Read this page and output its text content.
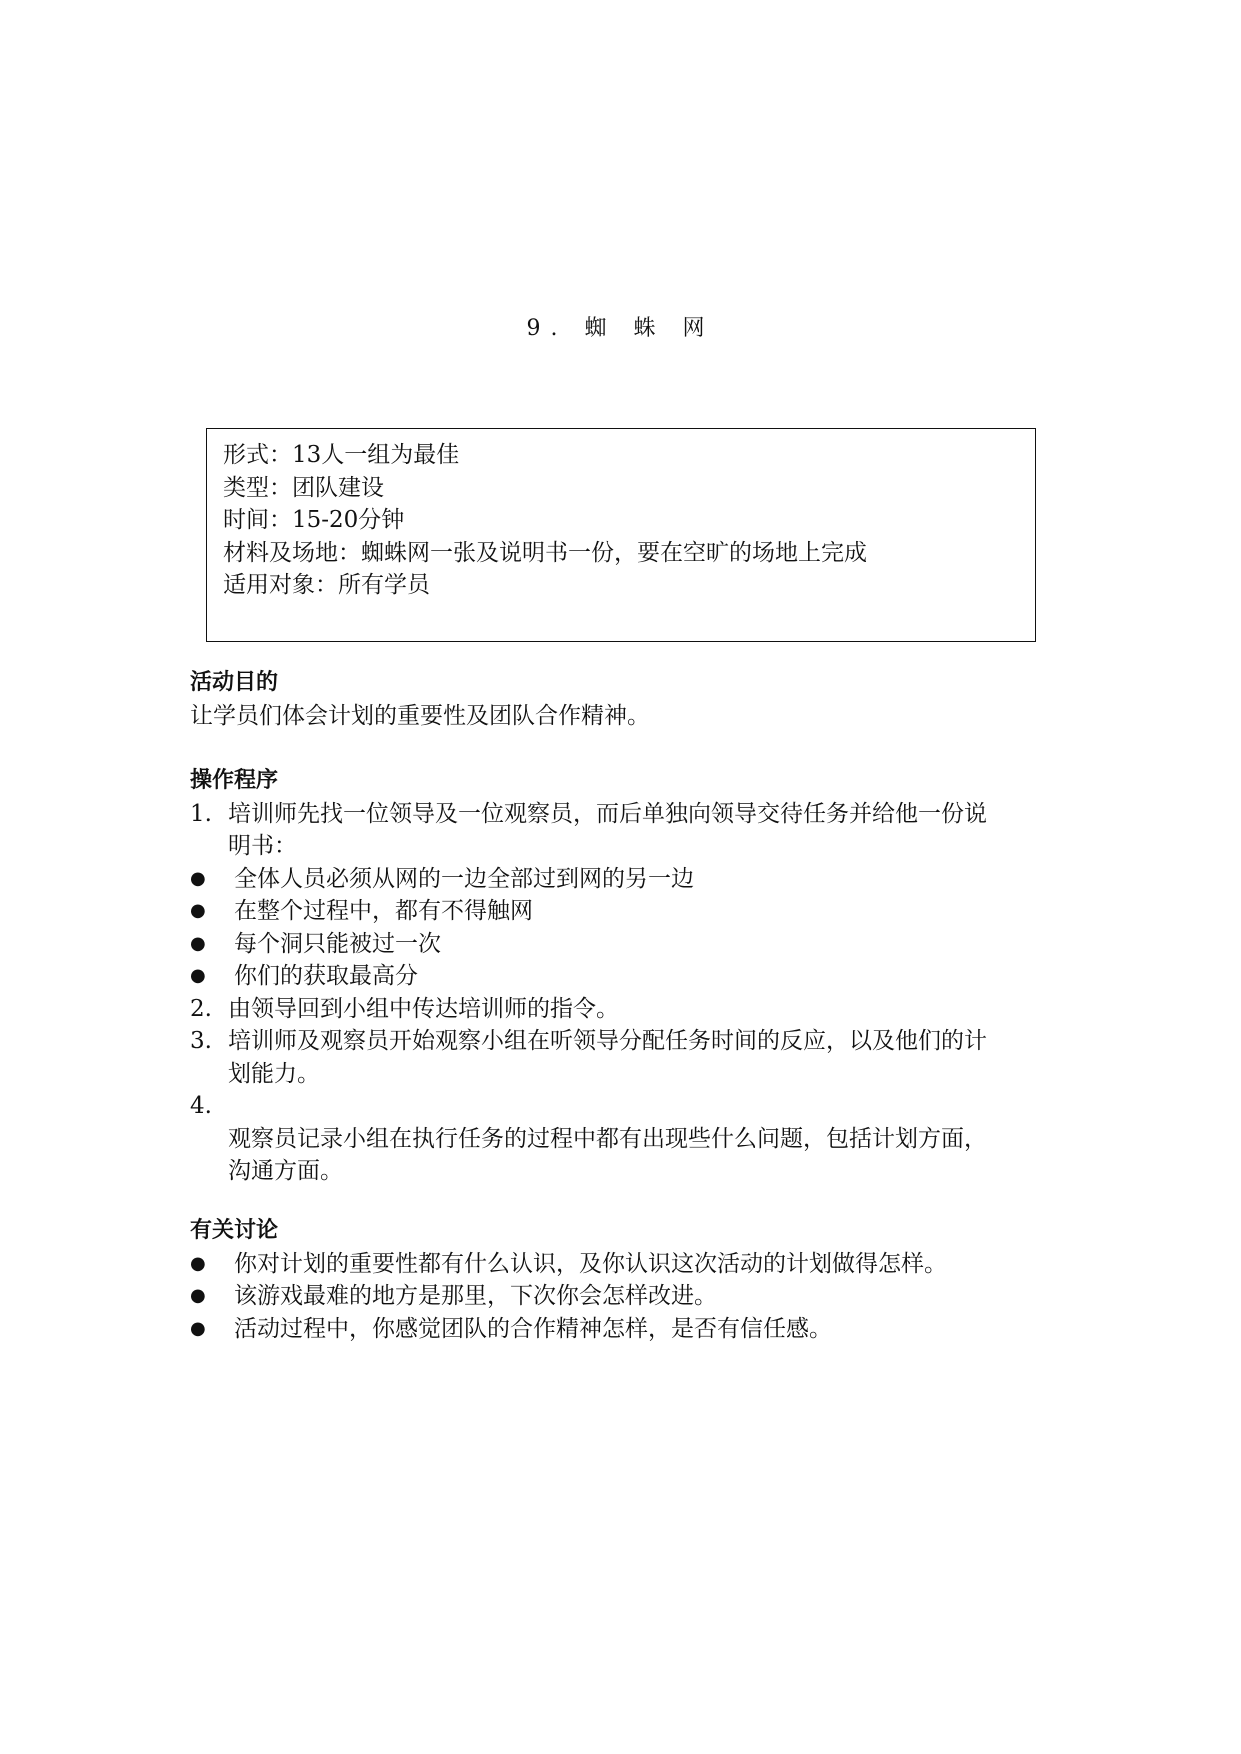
9. 蜘 蛛 网
形式：13人一组为最佳
类型：团队建设
时间：15-20分钟
材料及场地：蜘蛛网一张及说明书一份，要在空旷的场地上完成
适用对象：所有学员
活动目的
让学员们体会计划的重要性及团队合作精神。
操作程序
1. 培训师先找一位领导及一位观察员，而后单独向领导交待任务并给他一份说
明书：
●	全体人员必须从网的一边全部过到网的另一边
●	在整个过程中，都有不得触网
●	每个洞只能被过一次
●	你们的获取最高分
2. 由领导回到小组中传达培训师的指令。
3. 培训师及观察员开始观察小组在听领导分配任务时间的反应，以及他们的计
划能力。
4.
观察员记录小组在执行任务的过程中都有出现些什么问题，包括计划方面，
沟通方面。
有关讨论
●	你对计划的重要性都有什么认识，及你认识这次活动的计划做得怎样。
●	该游戏最难的地方是那里，下次你会怎样改进。
●	活动过程中，你感觉团队的合作精神怎样，是否有信任感。
